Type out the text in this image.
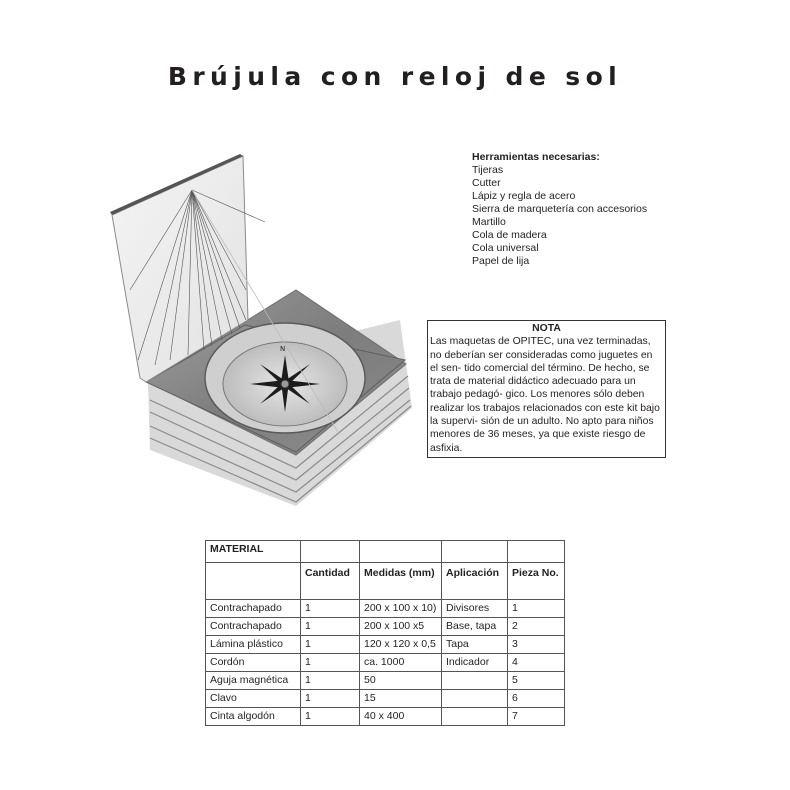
Brújula con reloj de sol
N
Herramientas necesarias:
Tijeras
Cutter
Lápiz y regla de acero
Sierra de marquetería con accesorios
Martillo
Cola de madera
Cola universal
Papel de lija
NOTA
Las maquetas de OPITEC, una vez terminadas, no deberían ser consideradas como juguetes en el sen- tido comercial del término. De hecho, se trata de material didáctico adecuado para un trabajo pedagó- gico. Los menores sólo deben realizar los trabajos relacionados con este kit bajo la supervi- sión de un adulto. No apto para niños menores de 36 meses, ya que existe riesgo de asfixia.
MATERIAL				
	Cantidad	Medidas (mm)	Aplicación	Pieza No.
Contrachapado	1	200 x 100 x 10)	Divisores	1
Contrachapado	1	200 x 100 x5	Base, tapa	2
Lámina plástico	1	120 x 120 x 0,5	Tapa	3
Cordón	1	ca. 1000	Indicador	4
Aguja magnética	1	50		5
Clavo	1	15		6
Cinta algodón	1	40 x 400		7
